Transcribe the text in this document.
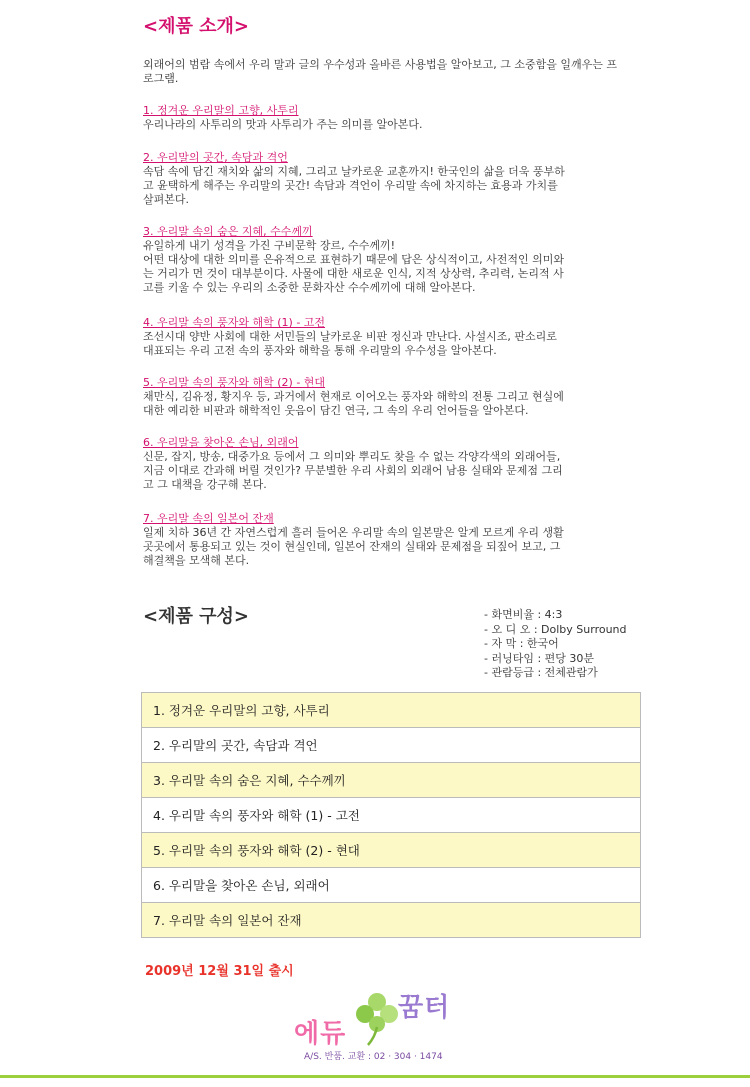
<제품 소개>

외래어의 범람 속에서 우리 말과 글의 우수성과 올바른 사용법을 알아보고, 그 소중함을 일깨우는 프로그램.

1. 정겨운 우리말의 고향, 사투리

우리나라의 사투리의 맛과 사투리가 주는 의미를 알아본다.

2. 우리말의 곳간, 속담과 격언

속담 속에 담긴 재치와 삶의 지혜, 그리고 날카로운 교훈까지! 한국인의 삶을 더욱 풍부하
고 윤택하게 해주는 우리말의 곳간! 속담과 격언이 우리말 속에 차지하는 효용과 가치를
살펴본다.

3. 우리말 속의 숨은 지혜, 수수께끼

유일하게 내기 성격을 가진 구비문학 장르, 수수께끼!
어떤 대상에 대한 의미를 은유적으로 표현하기 때문에 답은 상식적이고, 사전적인 의미와
는 거리가 먼 것이 대부분이다. 사물에 대한 새로운 인식, 지적 상상력, 추리력, 논리적 사
고를 키울 수 있는 우리의 소중한 문화자산 수수께끼에 대해 알아본다.

4. 우리말 속의 풍자와 해학 (1) - 고전

조선시대 양반 사회에 대한 서민들의 날카로운 비판 정신과 만난다. 사설시조, 판소리로
대표되는 우리 고전 속의 풍자와 해학을 통해 우리말의 우수성을 알아본다.

5. 우리말 속의 풍자와 해학 (2) - 현대

채만식, 김유정, 황지우 등, 과거에서 현재로 이어오는 풍자와 해학의 전통 그리고 현실에
대한 예리한 비판과 해학적인 웃음이 담긴 연극, 그 속의 우리 언어들을 알아본다.

6. 우리말을 찾아온 손님, 외래어

신문, 잡지, 방송, 대중가요 등에서 그 의미와 뿌리도 찾을 수 없는 각양각색의 외래어들,
지금 이대로 간과해 버릴 것인가? 무분별한 우리 사회의 외래어 남용 실태와 문제점 그리
고 그 대책을 강구해 본다.

7. 우리말 속의 일본어 잔재

일제 치하 36년 간 자연스럽게 흘러 들어온 우리말 속의 일본말은 알게 모르게 우리 생활
곳곳에서 통용되고 있는 것이 현실인데, 일본어 잔재의 실태와 문제점을 되짚어 보고, 그
해결책을 모색해 본다.

<제품 구성>	- 화면비율 : 4:3
- 오 디 오 : Dolby Surround
- 자 막 : 한국어
- 러닝타임 : 편당 30분
- 관람등급 : 전체관람가
1. 정겨운 우리말의 고향, 사투리
2. 우리말의 곳간, 속담과 격언
3. 우리말 속의 숨은 지혜, 수수께끼
4. 우리말 속의 풍자와 해학 (1) - 고전
5. 우리말 속의 풍자와 해학 (2) - 현대
6. 우리말을 찾아온 손님, 외래어
7. 우리말 속의 일본어 잔재

2009년 12월 31일 출시

에듀
꿈터
A/S. 반품. 교환 : 02 · 304 · 1474
